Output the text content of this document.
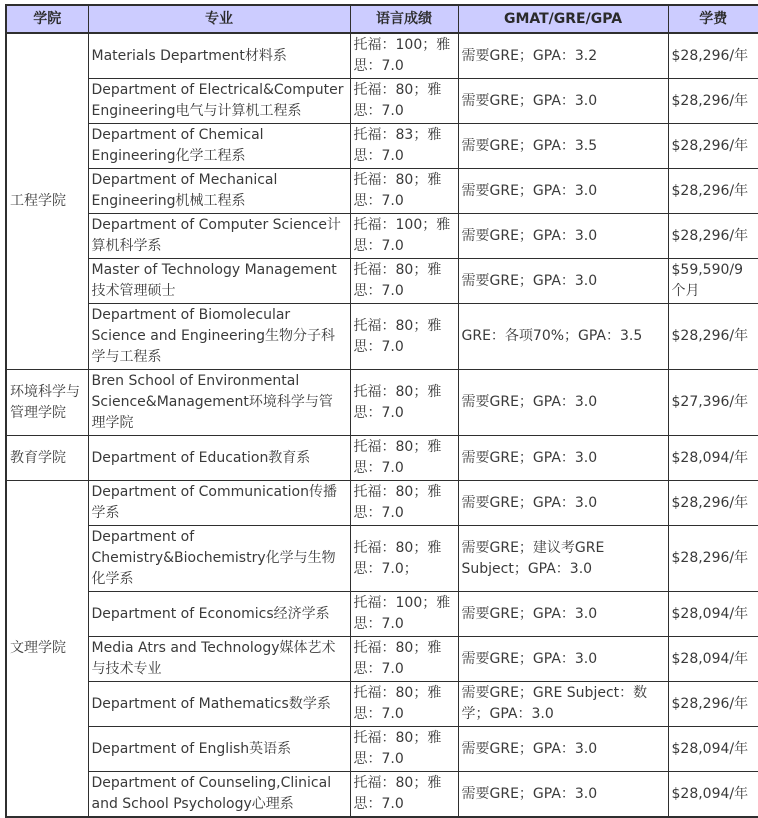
学院	专业	语言成绩	GMAT/GRE/GPA	学费
工程学院	Materials Department材料系	托福：100；雅思：7.0	需要GRE；GPA：3.2	$28,296/年
	Department of Electrical&Computer Engineering电气与计算机工程系	托福：80；雅思：7.0	需要GRE；GPA：3.0	$28,296/年
	Department of Chemical Engineering化学工程系	托福：83；雅思：7.0	需要GRE；GPA：3.5	$28,296/年
	Department of Mechanical Engineering机械工程系	托福：80；雅思：7.0	需要GRE；GPA：3.0	$28,296/年
	Department of Computer Science计算机科学系	托福：100；雅思：7.0	需要GRE；GPA：3.0	$28,296/年
	Master of Technology Management技术管理硕士	托福：80；雅思：7.0	需要GRE；GPA：3.0	$59,590/9个月
	Department of Biomolecular Science and Engineering生物分子科学与工程系	托福：80；雅思：7.0	GRE：各项70%；GPA：3.5	$28,296/年
环境科学与管理学院	Bren School of Environmental Science&Management环境科学与管理学院	托福：80；雅思：7.0	需要GRE；GPA：3.0	$27,396/年
教育学院	Department of Education教育系	托福：80；雅思：7.0	需要GRE；GPA：3.0	$28,094/年
文理学院	Department of Communication传播学系	托福：80；雅思：7.0	需要GRE；GPA：3.0	$28,296/年
	Department of Chemistry&Biochemistry化学与生物化学系	托福：80；雅思：7.0；	需要GRE；建议考GRE Subject；GPA：3.0	$28,296/年
	Department of Economics经济学系	托福：100；雅思：7.0	需要GRE；GPA：3.0	$28,094/年
	Media Atrs and Technology媒体艺术与技术专业	托福：80；雅思：7.0	需要GRE；GPA：3.0	$28,094/年
	Department of Mathematics数学系	托福：80；雅思：7.0	需要GRE；GRE Subject：数学；GPA：3.0	$28,296/年
	Department of English英语系	托福：80；雅思：7.0	需要GRE；GPA：3.0	$28,094/年
	Department of Counseling,Clinical and School Psychology心理系	托福：80；雅思：7.0	需要GRE；GPA：3.0	$28,094/年
